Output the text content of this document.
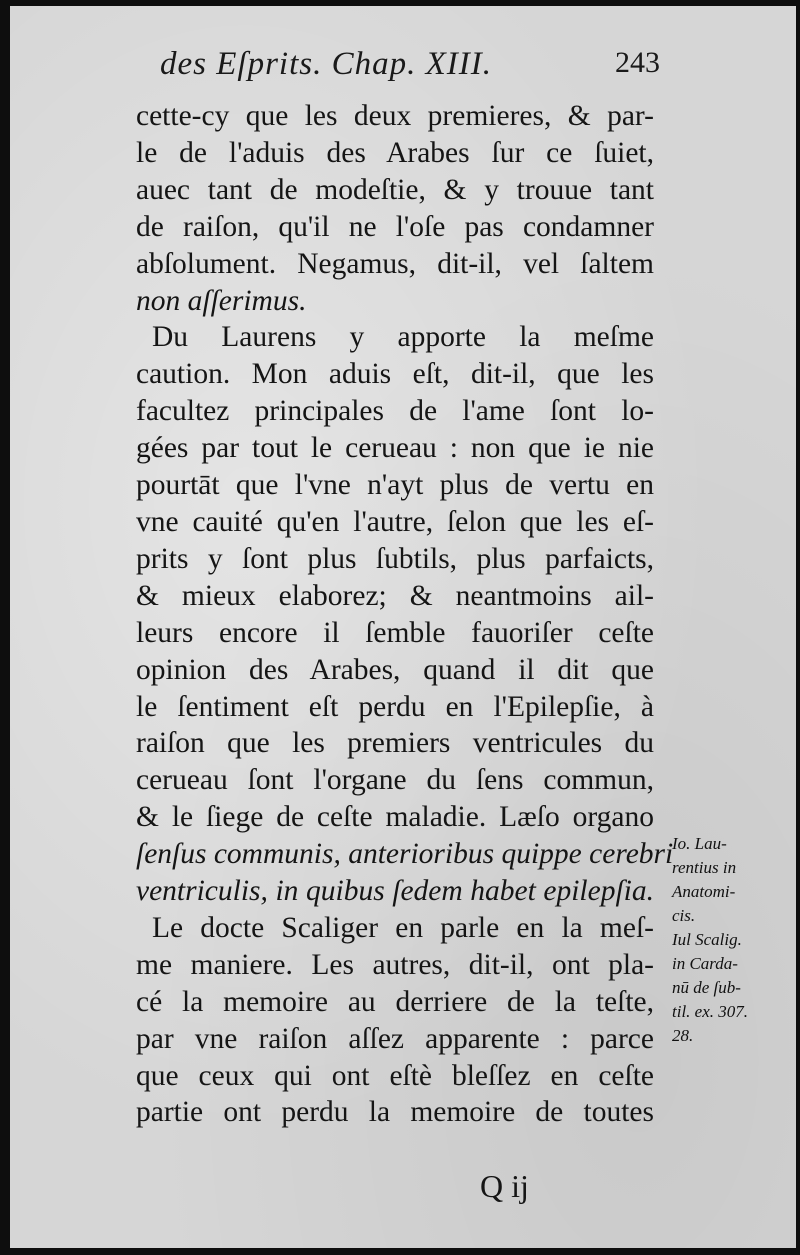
des Eſprits. Chap. XIII.	243
cette-cy que les deux premieres, & par-
le de l'aduis des Arabes ſur ce ſuiet,
auec tant de modeſtie, & y trouue tant
de raiſon, qu'il ne l'oſe pas condamner
abſolument. Negamus, dit-il, vel ſaltem
non aſſerimus.
Du Laurens y apporte la meſme
caution. Mon aduis eſt, dit-il, que les
facultez principales de l'ame ſont lo-
gées par tout le cerueau : non que ie nie
pourtāt que l'vne n'ayt plus de vertu en
vne cauité qu'en l'autre, ſelon que les eſ-
prits y ſont plus ſubtils, plus parfaicts,
& mieux elaborez; & neantmoins ail-
leurs encore il ſemble fauoriſer ceſte
opinion des Arabes, quand il dit que
le ſentiment eſt perdu en l'Epilepſie, à
raiſon que les premiers ventricules du
cerueau ſont l'organe du ſens commun,
& le ſiege de ceſte maladie. Læſo organo
ſenſus communis, anterioribus quippe cerebri
ventriculis, in quibus ſedem habet epilepſia.
Le docte Scaliger en parle en la meſ-
me maniere. Les autres, dit-il, ont pla-
cé la memoire au derriere de la teſte,
par vne raiſon aſſez apparente : parce
que ceux qui ont eſtè bleſſez en ceſte
partie ont perdu la memoire de toutes
Io. Lau-
rentius in
Anatomi-
cis.
Iul Scalig.
in Carda-
nū de ſub-
til. ex. 307.
28.
Q ij
